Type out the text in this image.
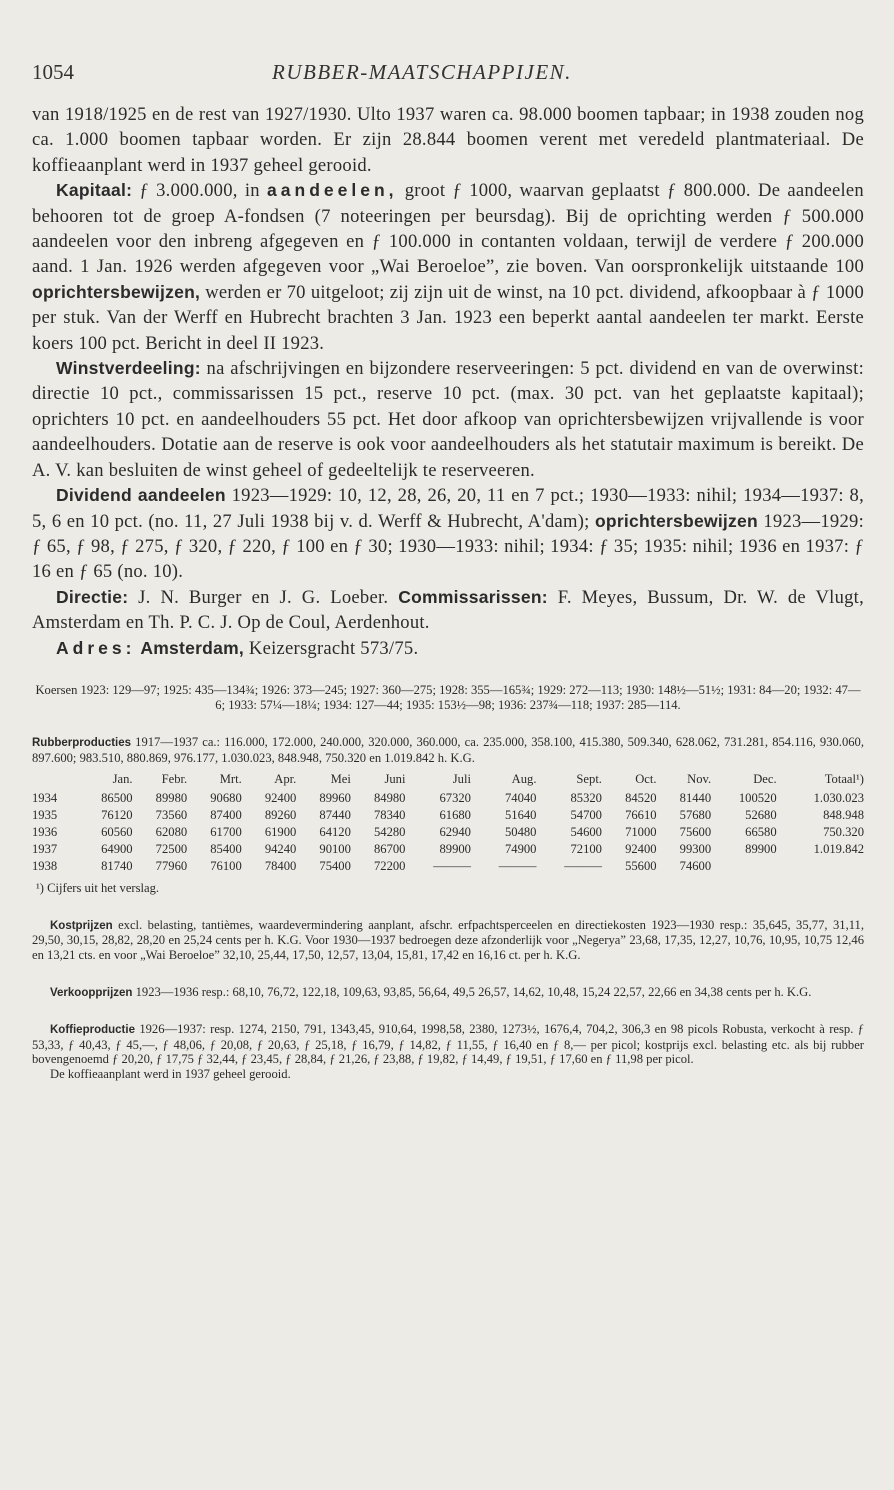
1054	RUBBER-MAATSCHAPPIJEN.

van 1918/1925 en de rest van 1927/1930. Ulto 1937 waren ca. 98.000 boomen tapbaar; in 1938 zouden nog ca. 1.000 boomen tapbaar worden. Er zijn 28.844 boomen verent met veredeld plantmateriaal. De koffieaanplant werd in 1937 geheel gerooid.

Kapitaal: ƒ 3.000.000, in aandeelen, groot ƒ 1000, waarvan geplaatst ƒ 800.000. De aandeelen behooren tot de groep A-fondsen (7 noteeringen per beursdag). Bij de oprichting werden ƒ 500.000 aandeelen voor den inbreng afgegeven en ƒ 100.000 in contanten voldaan, terwijl de verdere ƒ 200.000 aand. 1 Jan. 1926 werden afgegeven voor „Wai Beroeloe”, zie boven. Van oorspronkelijk uitstaande 100 oprichtersbewijzen, werden er 70 uitgeloot; zij zijn uit de winst, na 10 pct. dividend, afkoopbaar à ƒ 1000 per stuk. Van der Werff en Hubrecht brachten 3 Jan. 1923 een beperkt aantal aandeelen ter markt. Eerste koers 100 pct. Bericht in deel II 1923.

Winstverdeeling: na afschrijvingen en bijzondere reserveeringen: 5 pct. dividend en van de overwinst: directie 10 pct., commissarissen 15 pct., reserve 10 pct. (max. 30 pct. van het geplaatste kapitaal); oprichters 10 pct. en aandeelhouders 55 pct. Het door afkoop van oprichtersbewijzen vrijvallende is voor aandeelhouders. Dotatie aan de reserve is ook voor aandeelhouders als het statutair maximum is bereikt. De A. V. kan besluiten de winst geheel of gedeeltelijk te reserveeren.

Dividend aandeelen 1923—1929: 10, 12, 28, 26, 20, 11 en 7 pct.; 1930—1933: nihil; 1934—1937: 8, 5, 6 en 10 pct. (no. 11, 27 Juli 1938 bij v. d. Werff & Hubrecht, A'dam); oprichtersbewijzen 1923—1929: ƒ 65, ƒ 98, ƒ 275, ƒ 320, ƒ 220, ƒ 100 en ƒ 30; 1930—1933: nihil; 1934: ƒ 35; 1935: nihil; 1936 en 1937: ƒ 16 en ƒ 65 (no. 10).

Directie: J. N. Burger en J. G. Loeber. Commissarissen: F. Meyes, Bussum, Dr. W. de Vlugt, Amsterdam en Th. P. C. J. Op de Coul, Aerdenhout.

Adres: Amsterdam, Keizersgracht 573/75.

Koersen 1923: 129—97; 1925: 435—134¾; 1926: 373—245; 1927: 360—275; 1928: 355—165¾; 1929: 272—113; 1930: 148½—51½; 1931: 84—20; 1932: 47—6; 1933: 57¼—18¼; 1934: 127—44; 1935: 153½—98; 1936: 237¾—118; 1937: 285—114.
Rubberproducties 1917—1937 ca.: 116.000, 172.000, 240.000, 320.000, 360.000, ca. 235.000, 358.100, 415.380, 509.340, 628.062, 731.281, 854.116, 930.060, 897.600; 983.510, 880.869, 976.177, 1.030.023, 848.948, 750.320 en 1.019.842 h. K.G.
	Jan.	Febr.	Mrt.	Apr.	Mei	Juni	Juli	Aug.	Sept.	Oct.	Nov.	Dec.	Totaal¹)
1934	86500	89980	90680	92400	89960	84980	67320	74040	85320	84520	81440	100520	1.030.023
1935	76120	73560	87400	89260	87440	78340	61680	51640	54700	76610	57680	52680	848.948
1936	60560	62080	61700	61900	64120	54280	62940	50480	54600	71000	75600	66580	750.320
1937	64900	72500	85400	94240	90100	86700	89900	74900	72100	92400	99300	89900	1.019.842
1938	81740	77960	76100	78400	75400	72200	———	———	———	55600	74600		
¹) Cijfers uit het verslag.
Kostprijzen excl. belasting, tantièmes, waardevermindering aanplant, afschr. erfpachtsperceelen en directiekosten 1923—1930 resp.: 35,645, 35,77, 31,11, 29,50, 30,15, 28,82, 28,20 en 25,24 cents per h. K.G. Voor 1930—1937 bedroegen deze afzonderlijk voor „Negerya” 23,68, 17,35, 12,27, 10,76, 10,95, 10,75 12,46 en 13,21 cts. en voor „Wai Beroeloe” 32,10, 25,44, 17,50, 12,57, 13,04, 15,81, 17,42 en 16,16 ct. per h. K.G.
Verkoopprijzen 1923—1936 resp.: 68,10, 76,72, 122,18, 109,63, 93,85, 56,64, 49,5 26,57, 14,62, 10,48, 15,24 22,57, 22,66 en 34,38 cents per h. K.G.
Koffieproductie 1926—1937: resp. 1274, 2150, 791, 1343,45, 910,64, 1998,58, 2380, 1273½, 1676,4, 704,2, 306,3 en 98 picols Robusta, verkocht à resp. ƒ 53,33, ƒ 40,43, ƒ 45,—, ƒ 48,06, ƒ 20,08, ƒ 20,63, ƒ 25,18, ƒ 16,79, ƒ 14,82, ƒ 11,55, ƒ 16,40 en ƒ 8,— per picol; kostprijs excl. belasting etc. als bij rubber bovengenoemd ƒ 20,20, ƒ 17,75 ƒ 32,44, ƒ 23,45, ƒ 28,84, ƒ 21,26, ƒ 23,88, ƒ 19,82, ƒ 14,49, ƒ 19,51, ƒ 17,60 en ƒ 11,98 per picol.
De koffieaanplant werd in 1937 geheel gerooid.
